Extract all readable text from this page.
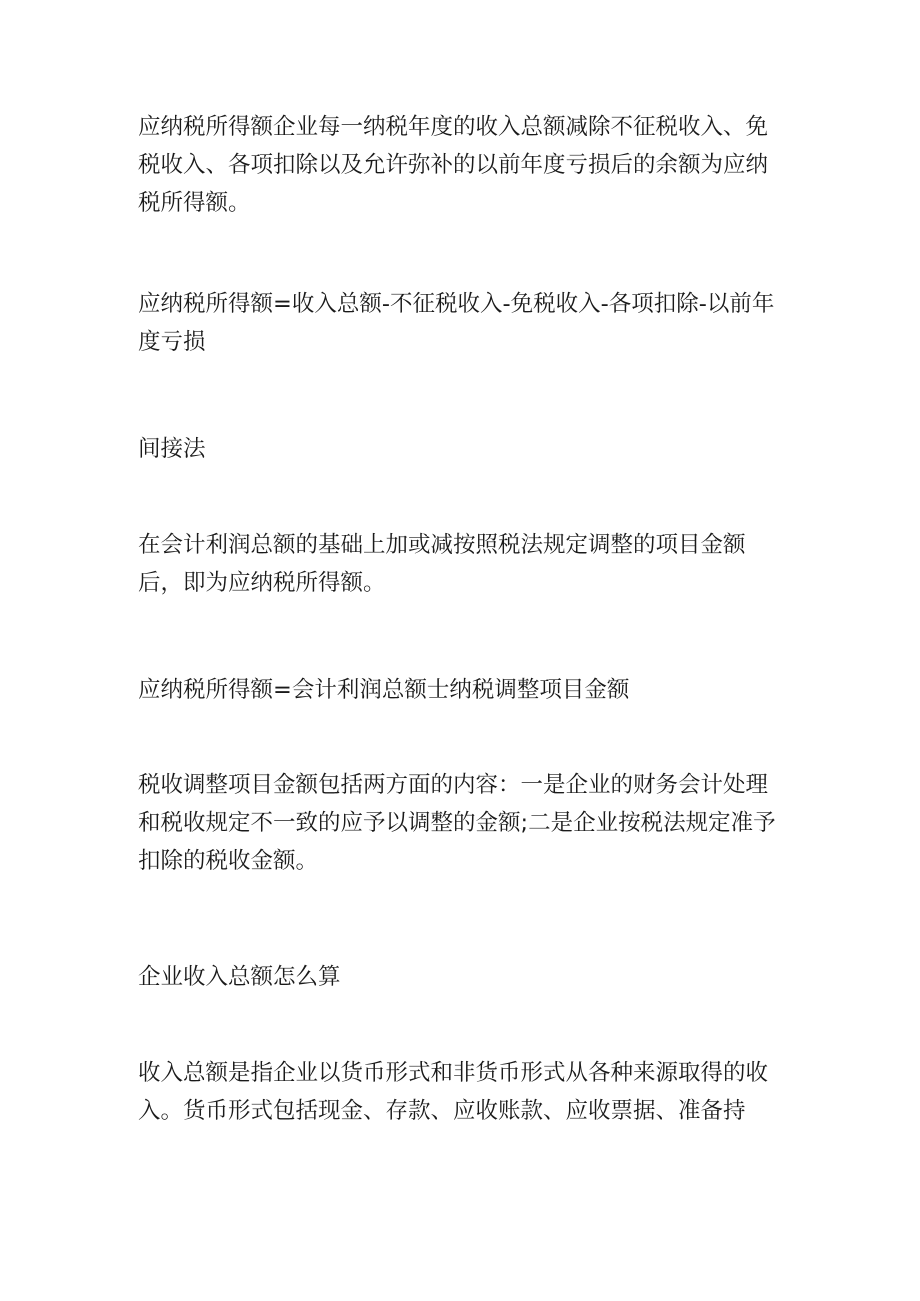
应纳税所得额企业每一纳税年度的收入总额减除不征税收入、免税收入、各项扣除以及允许弥补的以前年度亏损后的余额为应纳税所得额。

应纳税所得额=收入总额-不征税收入-免税收入-各项扣除-以前年度亏损

间接法

在会计利润总额的基础上加或减按照税法规定调整的项目金额后，即为应纳税所得额。

应纳税所得额=会计利润总额士纳税调整项目金额

税收调整项目金额包括两方面的内容：一是企业的财务会计处理和税收规定不一致的应予以调整的金额;二是企业按税法规定准予扣除的税收金额。

企业收入总额怎么算

收入总额是指企业以货币形式和非货币形式从各种来源取得的收入。货币形式包括现金、存款、应收账款、应收票据、准备持
